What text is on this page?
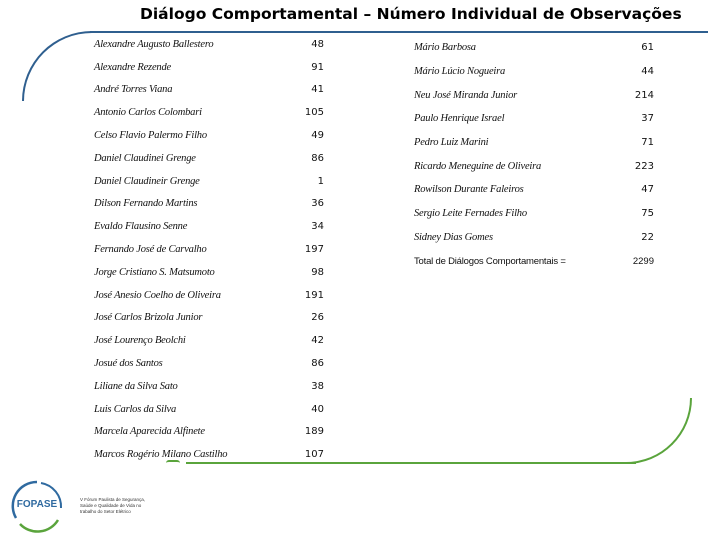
Diálogo Comportamental – Número Individual de Observações
Alexandre Augusto Ballestero	48
Alexandre Rezende	91
André Torres Viana	41
Antonio Carlos Colombari	105
Celso Flavio Palermo Filho	49
Daniel Claudinei Grenge	86
Daniel Claudineir Grenge	1
Dilson Fernando Martins	36
Evaldo Flausino Senne	34
Fernando José de Carvalho	197
Jorge Cristiano S. Matsumoto	98
José Anesio Coelho de Oliveira	191
José Carlos Brizola Junior	26
José Lourenço Beolchi	42
Josué dos Santos	86
Liliane da Silva Sato	38
Luis Carlos da Silva	40
Marcela Aparecida Alfinete	189
Marcos Rogério Milano Castilho	107
Mário Barbosa	61
Mário Lúcio Nogueira	44
Neu José Miranda Junior	214
Paulo Henrique Israel	37
Pedro Luiz Marini	71
Ricardo Meneguine de Oliveira	223
Rowilson Durante Faleiros	47
Sergio Leite Fernades Filho	75
Sidney Dias Gomes	22
Total de Diálogos Comportamentais =	2299
FOPASE	V Fórum Paulista de Segurança,
Saúde e Qualidade de Vida no
trabalho do Setor Elétrico
